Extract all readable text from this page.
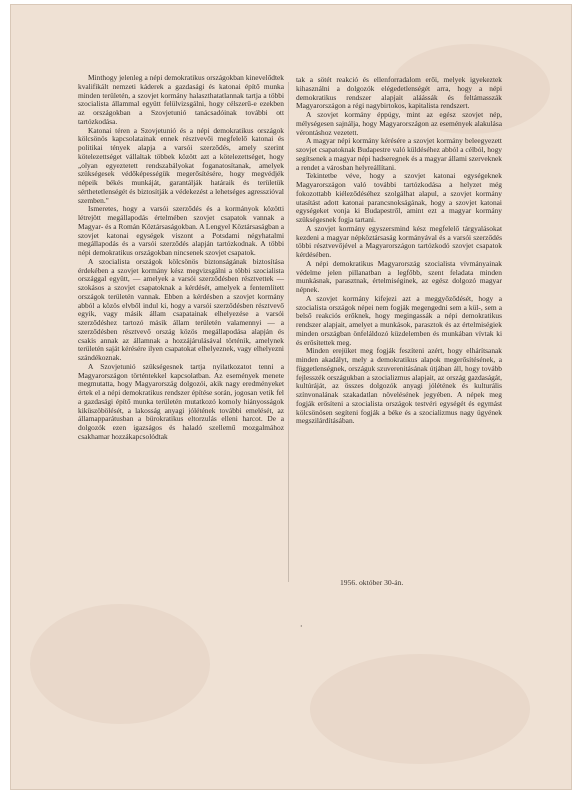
Minthogy jelenleg a népi demokratikus országokban kinevelődtek kvalifikált nemzeti káderek a gazdasági és katonai építő munka minden területén, a szovjet kormány halaszthatatlannak tartja a többi szocialista állammal együtt felülvizsgálni, hogy célszerű-e ezekben az országokban a Szovjetunió tanácsadóinak további ott tartózkodása.

Katonai téren a Szovjetunió és a népi demokratikus országok kölcsönös kapcsolatainak ennek résztvevői megfelelő katonai és politikai tények alapja a varsói szerződés, amely szerint kötelezettséget vállaltak többek között azt a kötelezettséget, hogy „olyan egyeztetett rendszabályokat foganatosítanak, amelyek szükségesek védőképességük megerősítésére, hogy megvédjék népeik békés munkáját, garantálják határaik és területük sérthetetlenségét és biztosítják a védekezést a lehetséges agresszióval szemben."

Ismeretes, hogy a varsói szerződés és a kormányok közötti létrejött megállapodás értelmében szovjet csapatok vannak a Magyar- és a Román Köztársaságokban. A Lengyel Köztársaságban a szovjet katonai egységek viszont a Potsdami négyhatalmi megállapodás és a varsói szerződés alapján tartózkodnak. A többi népi demokratikus országokban nincsenek szovjet csapatok.

A szocialista országok kölcsönös biztonságának biztosítása érdekében a szovjet kormány kész megvizsgálni a többi szocialista országgal együtt, — amelyek a varsói szerződésben résztvettek — szokásos a szovjet csapatoknak a kérdését, amelyek a fentemlített országok területén vannak. Ebben a kérdésben a szovjet kormány abból a közös elvből indul ki, hogy a varsói szerződésben résztvevő egyik, vagy másik állam csapatainak elhelyezése a varsói szerződéshez tartozó másik állam területén valamennyi — a szerződésben résztvevő ország közös megállapodása alapján és csakis annak az államnak a hozzájárulásával történik, amelynek területén saját kérésére ilyen csapatokat elhelyeznek, vagy elhelyezni szándékoznak.

A Szovjetunió szükségesnek tartja nyilatkozatot tenni a Magyarországon történtekkel kapcsolatban. Az események menete megmutatta, hogy Magyarország dolgozói, akik nagy eredményeket értek el a népi demokratikus rendszer építése során, jogosan vetik fel a gazdasági építő munka területén mutatkozó komoly hiányosságok kiküszöbölését, a lakosság anyagi jólétének további emelését, az államapparátusban a bürokratikus eltorzulás elleni harcot. De a dolgozók ezen igazságos és haladó szellemű mozgalmához csakhamar hozzákapcsolódtak

tak a sötét reakció és ellenforradalom erői, melyek igyekeztek kihasználni a dolgozók elégedetlenségét arra, hogy a népi demokratikus rendszer alapjait aláássák és feltámasszák Magyarországon a régi nagybirtokos, kapitalista rendszert.

A szovjet kormány éppúgy, mint az egész szovjet nép, mélységesen sajnálja, hogy Magyarországon az események alakulása vérontáshoz vezetett.

A magyar népi kormány kérésére a szovjet kormány beleegyezett szovjet csapatoknak Budapestre való küldéséhez abból a célból, hogy segítsenek a magyar népi hadseregnek és a magyar állami szerveknek a rendet a városban helyreállítani.

Tekintetbe véve, hogy a szovjet katonai egységeknek Magyarországon való további tartózkodása a helyzet még fokozottabb kiéleződéséhez szolgálhat alapul, a szovjet kormány utasítást adott katonai parancsnokságának, hogy a szovjet katonai egységeket vonja ki Budapestről, amint ezt a magyar kormány szükségesnek fogja tartani.

A szovjet kormány egyszersmind kész megfelelő tárgyalásokat kezdeni a magyar népköztársaság kormányával és a varsói szerződés többi résztvevőjével a Magyarországon tartózkodó szovjet csapatok kérdésében.

A népi demokratikus Magyarország szocialista vívmányainak védelme jelen pillanatban a legfőbb, szent feladata minden munkásnak, parasztnak, értelmiséginek, az egész dolgozó magyar népnek.

A szovjet kormány kifejezi azt a meggyőződését, hogy a szocialista országok népei nem fogják megengedni sem a kül-, sem a belső reakciós erőknek, hogy megingassák a népi demokratikus rendszer alapjait, amelyet a munkások, parasztok és az értelmiségiek minden országban önfeláldozó küzdelemben és munkában vívtak ki és erősítettek meg.

Minden erejüket meg fogják feszíteni azért, hogy elhárítsanak minden akadályt, mely a demokratikus alapok megerősítésének, a függetlenségnek, országuk szuverenitásának útjában áll, hogy tovább fejlesszék országukban a szocializmus alapjait, az ország gazdaságát, kultúráját, az összes dolgozók anyagi jólétének és kulturális színvonalának szakadatlan növelésének jegyében. A népek meg fogják erősíteni a szocialista országok testvéri egységét és egymást kölcsönösen segíteni fogják a béke és a szocializmus nagy ügyének megszilárdításában.

1956. október 30-án.
·
